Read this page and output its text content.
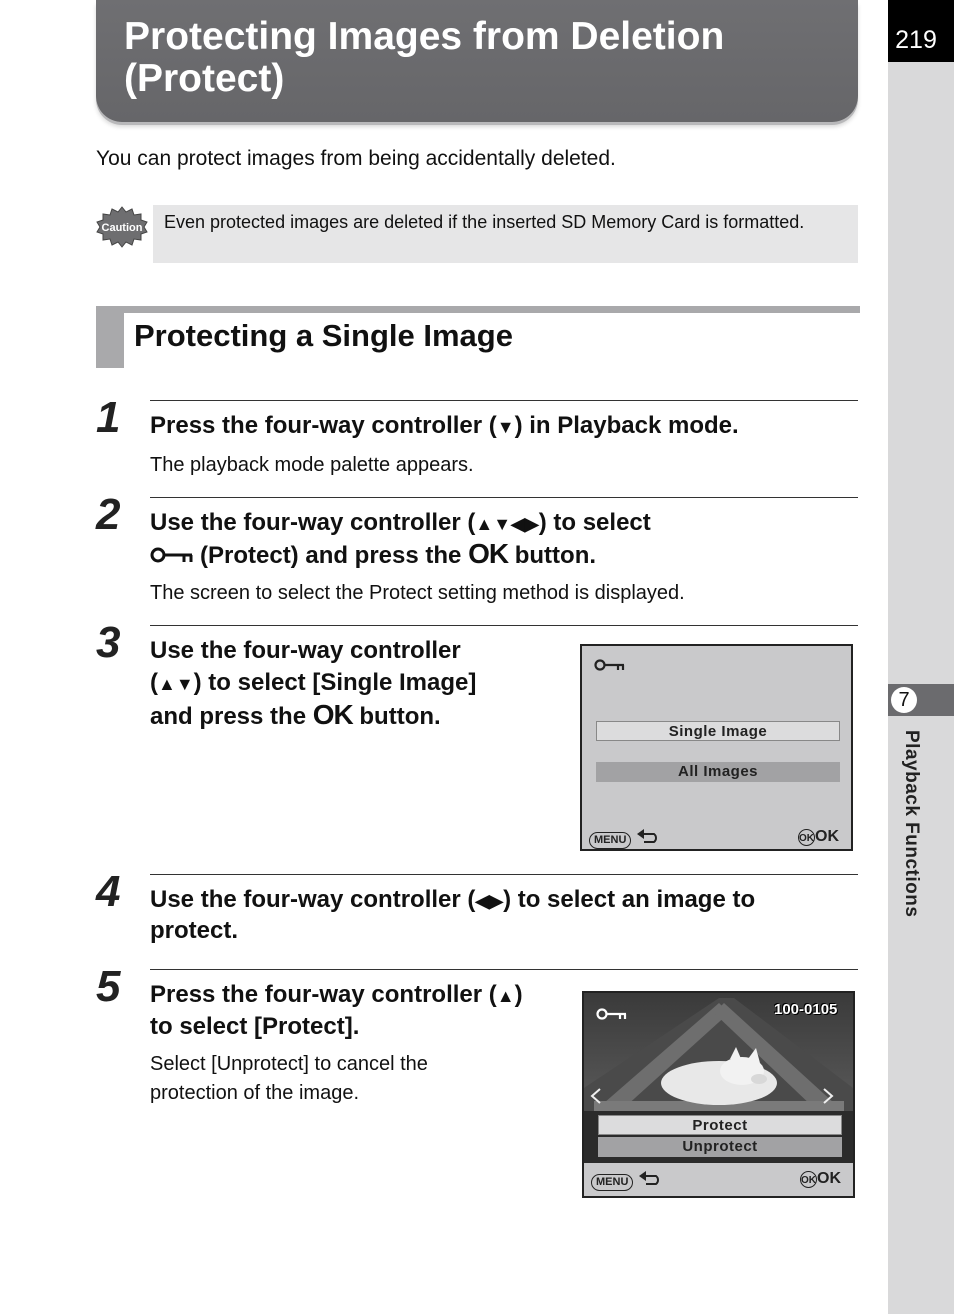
Protecting Images from Deletion (Protect)
219
7
Playback Functions
You can protect images from being accidentally deleted.
Caution Even protected images are deleted if the inserted SD Memory Card is formatted.
Protecting a Single Image
1 Press the four-way controller (▼) in Playback mode.
The playback mode palette appears.
2 Use the four-way controller (▲▼◀▶) to select
(Protect) and press the OK button.
The screen to select the Protect setting method is displayed.
3 Use the four-way controller
(▲▼) to select [Single Image]
and press the OK button.
Single Image
All Images
MENU	OKOK
4 Use the four-way controller (◀▶) to select an image to
protect.
5 Press the four-way controller (▲)
to select [Protect].
Select [Unprotect] to cancel the
protection of the image.
100-0105
Protect
Unprotect
MENU	OKOK
